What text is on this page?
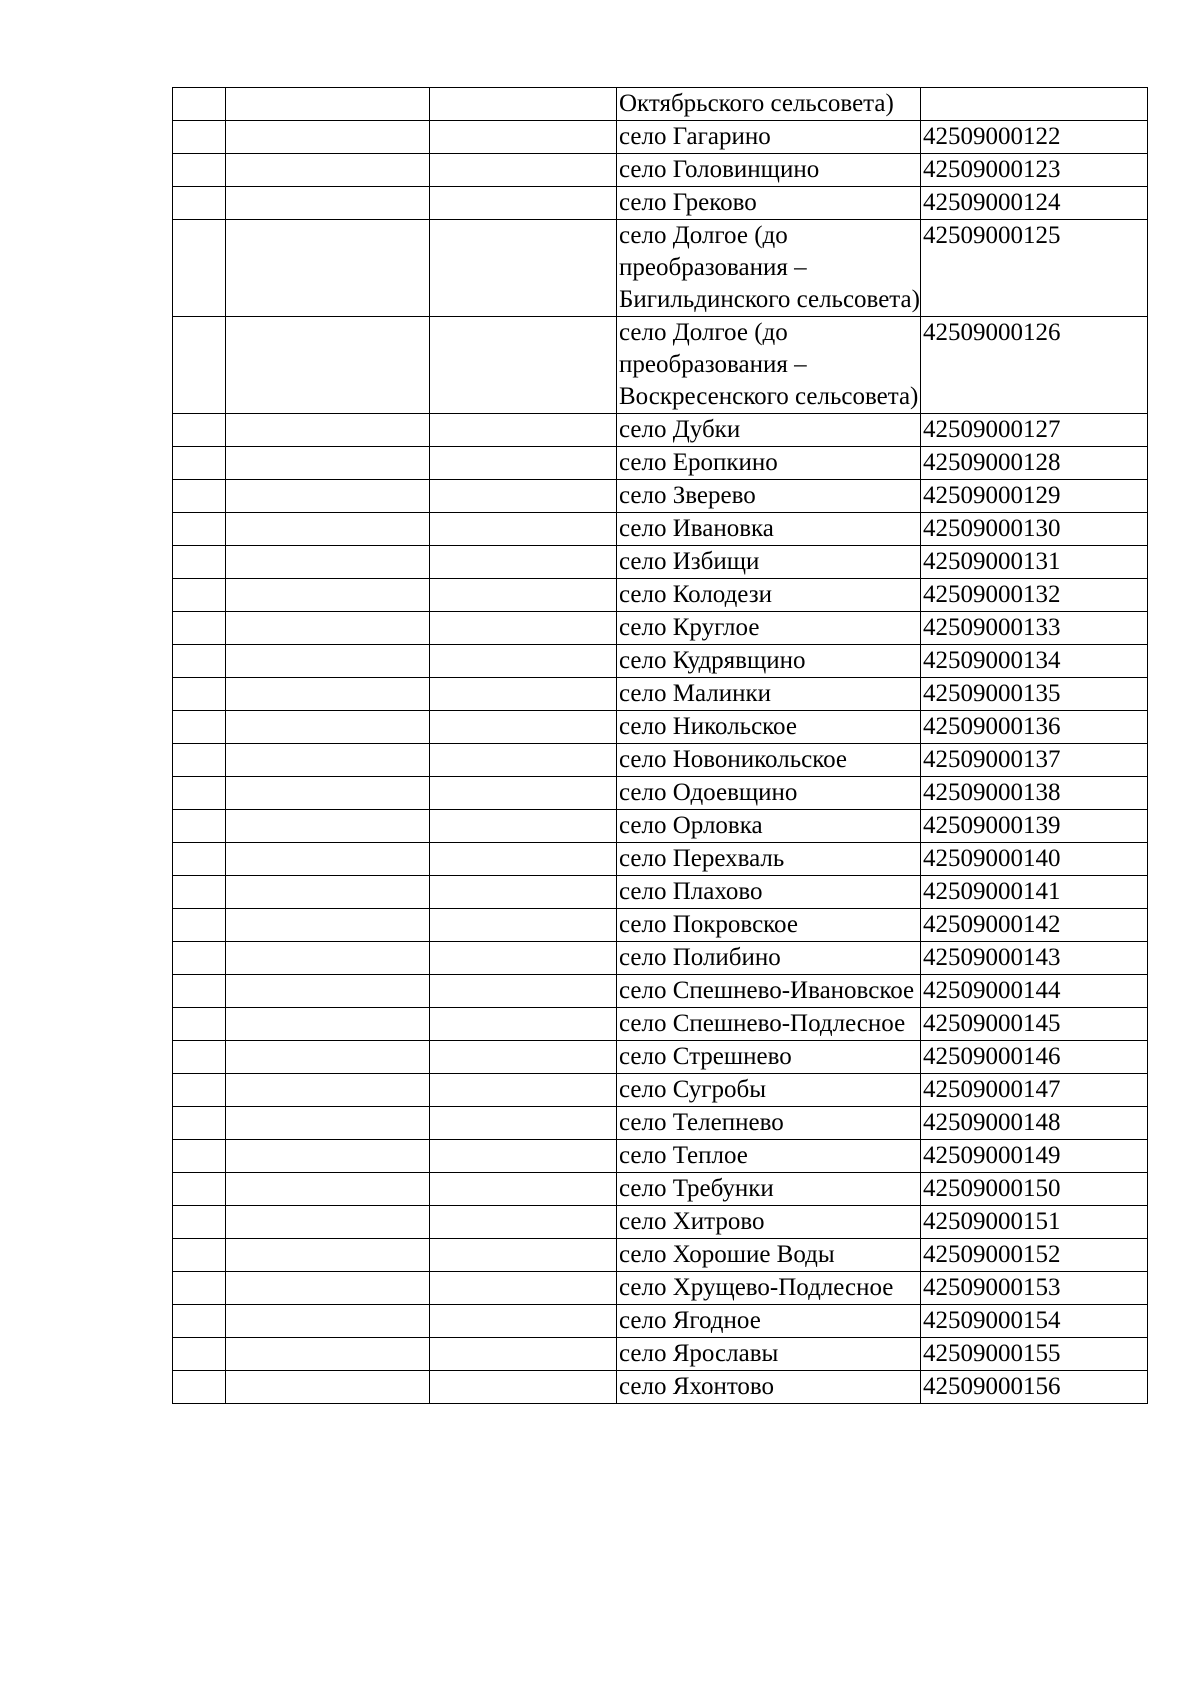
			Октябрьского сельсовета)	
			село Гагарино	42509000122
			село Головинщино	42509000123
			село Греково	42509000124
			село Долгое (до преобразования – Бигильдинского сельсовета)	42509000125
			село Долгое (до преобразования – Воскресенского сельсовета)	42509000126
			село Дубки	42509000127
			село Еропкино	42509000128
			село Зверево	42509000129
			село Ивановка	42509000130
			село Избищи	42509000131
			село Колодези	42509000132
			село Круглое	42509000133
			село Кудрявщино	42509000134
			село Малинки	42509000135
			село Никольское	42509000136
			село Новоникольское	42509000137
			село Одоевщино	42509000138
			село Орловка	42509000139
			село Перехваль	42509000140
			село Плахово	42509000141
			село Покровское	42509000142
			село Полибино	42509000143
			село Спешнево-Ивановское	42509000144
			село Спешнево-Подлесное	42509000145
			село Стрешнево	42509000146
			село Сугробы	42509000147
			село Телепнево	42509000148
			село Теплое	42509000149
			село Требунки	42509000150
			село Хитрово	42509000151
			село Хорошие Воды	42509000152
			село Хрущево-Подлесное	42509000153
			село Ягодное	42509000154
			село Ярославы	42509000155
			село Яхонтово	42509000156
